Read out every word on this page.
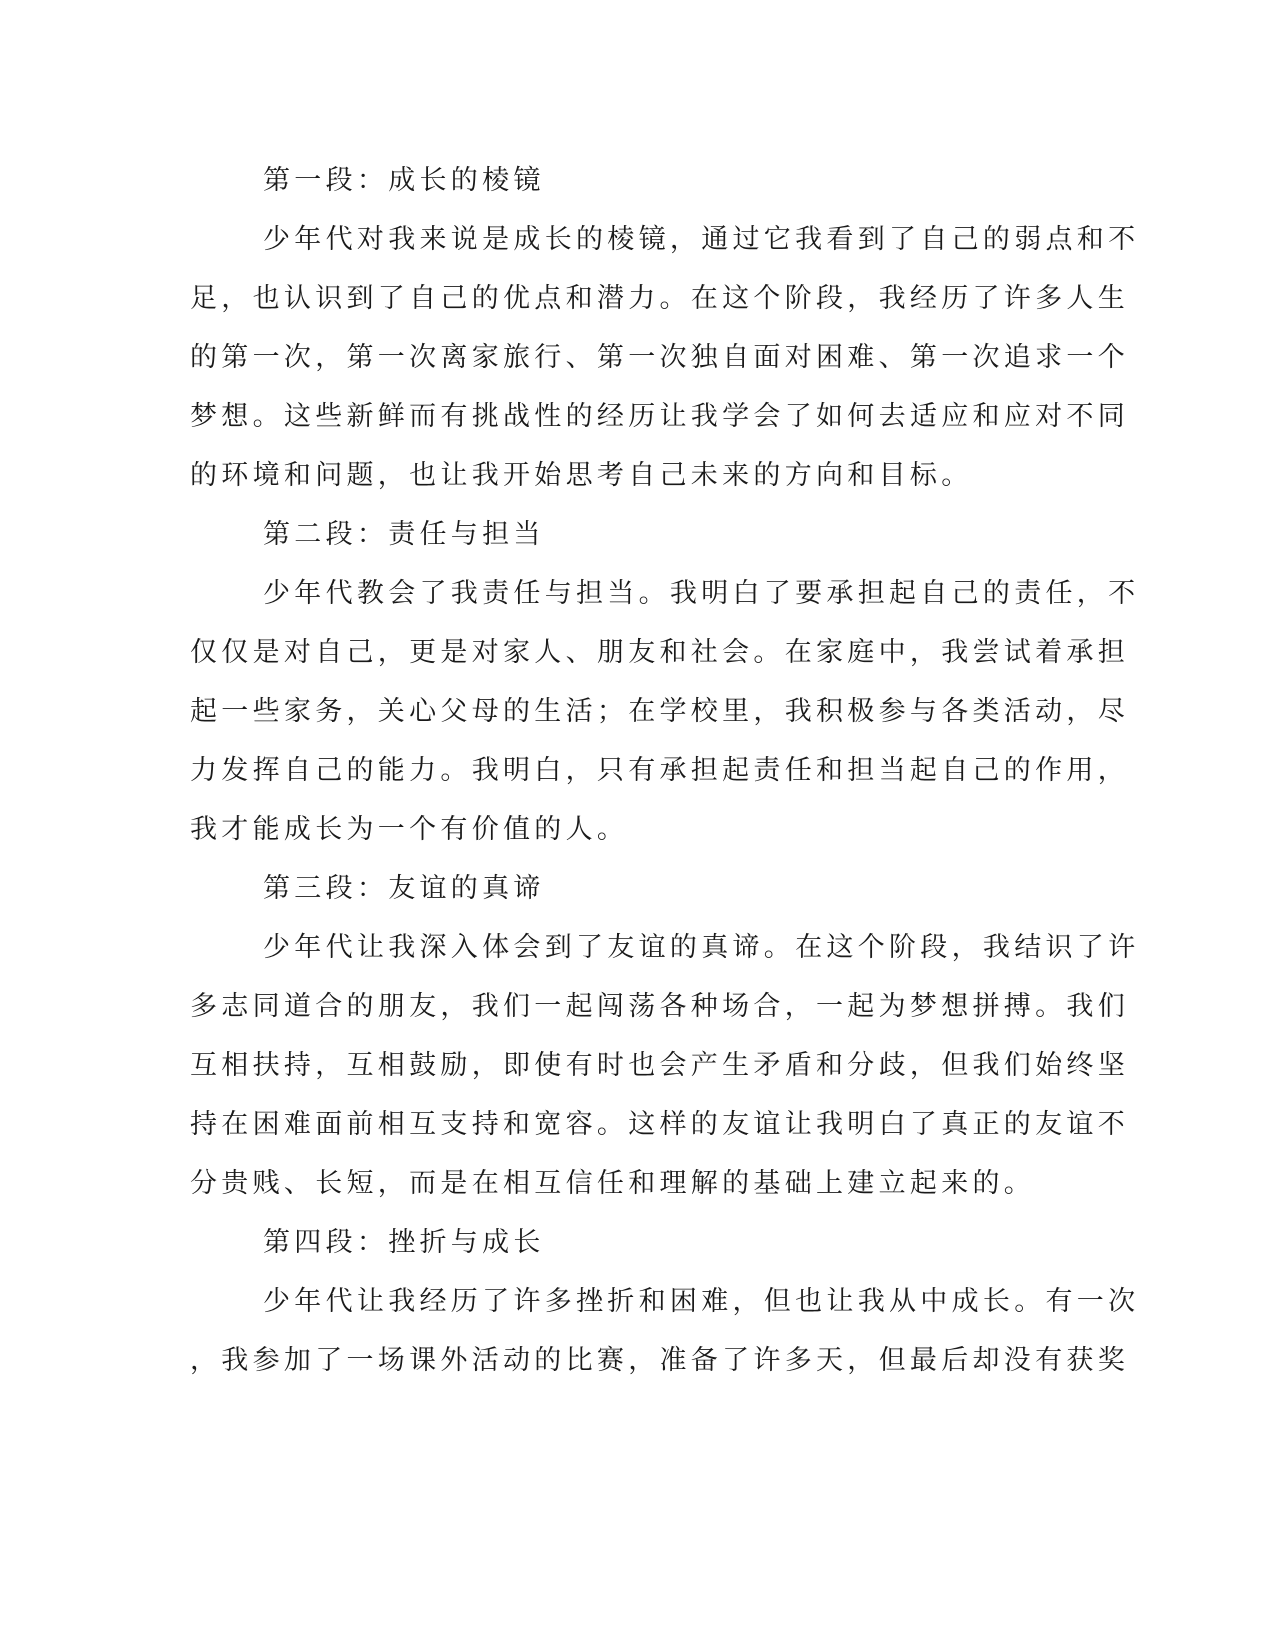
第一段：成长的棱镜
少年代对我来说是成长的棱镜，通过它我看到了自己的弱点和不
足，也认识到了自己的优点和潜力。在这个阶段，我经历了许多人生
的第一次，第一次离家旅行、第一次独自面对困难、第一次追求一个
梦想。这些新鲜而有挑战性的经历让我学会了如何去适应和应对不同
的环境和问题，也让我开始思考自己未来的方向和目标。
第二段：责任与担当
少年代教会了我责任与担当。我明白了要承担起自己的责任，不
仅仅是对自己，更是对家人、朋友和社会。在家庭中，我尝试着承担
起一些家务，关心父母的生活；在学校里，我积极参与各类活动，尽
力发挥自己的能力。我明白，只有承担起责任和担当起自己的作用，
我才能成长为一个有价值的人。
第三段：友谊的真谛
少年代让我深入体会到了友谊的真谛。在这个阶段，我结识了许
多志同道合的朋友，我们一起闯荡各种场合，一起为梦想拼搏。我们
互相扶持，互相鼓励，即使有时也会产生矛盾和分歧，但我们始终坚
持在困难面前相互支持和宽容。这样的友谊让我明白了真正的友谊不
分贵贱、长短，而是在相互信任和理解的基础上建立起来的。
第四段：挫折与成长
少年代让我经历了许多挫折和困难，但也让我从中成长。有一次
，我参加了一场课外活动的比赛，准备了许多天，但最后却没有获奖
